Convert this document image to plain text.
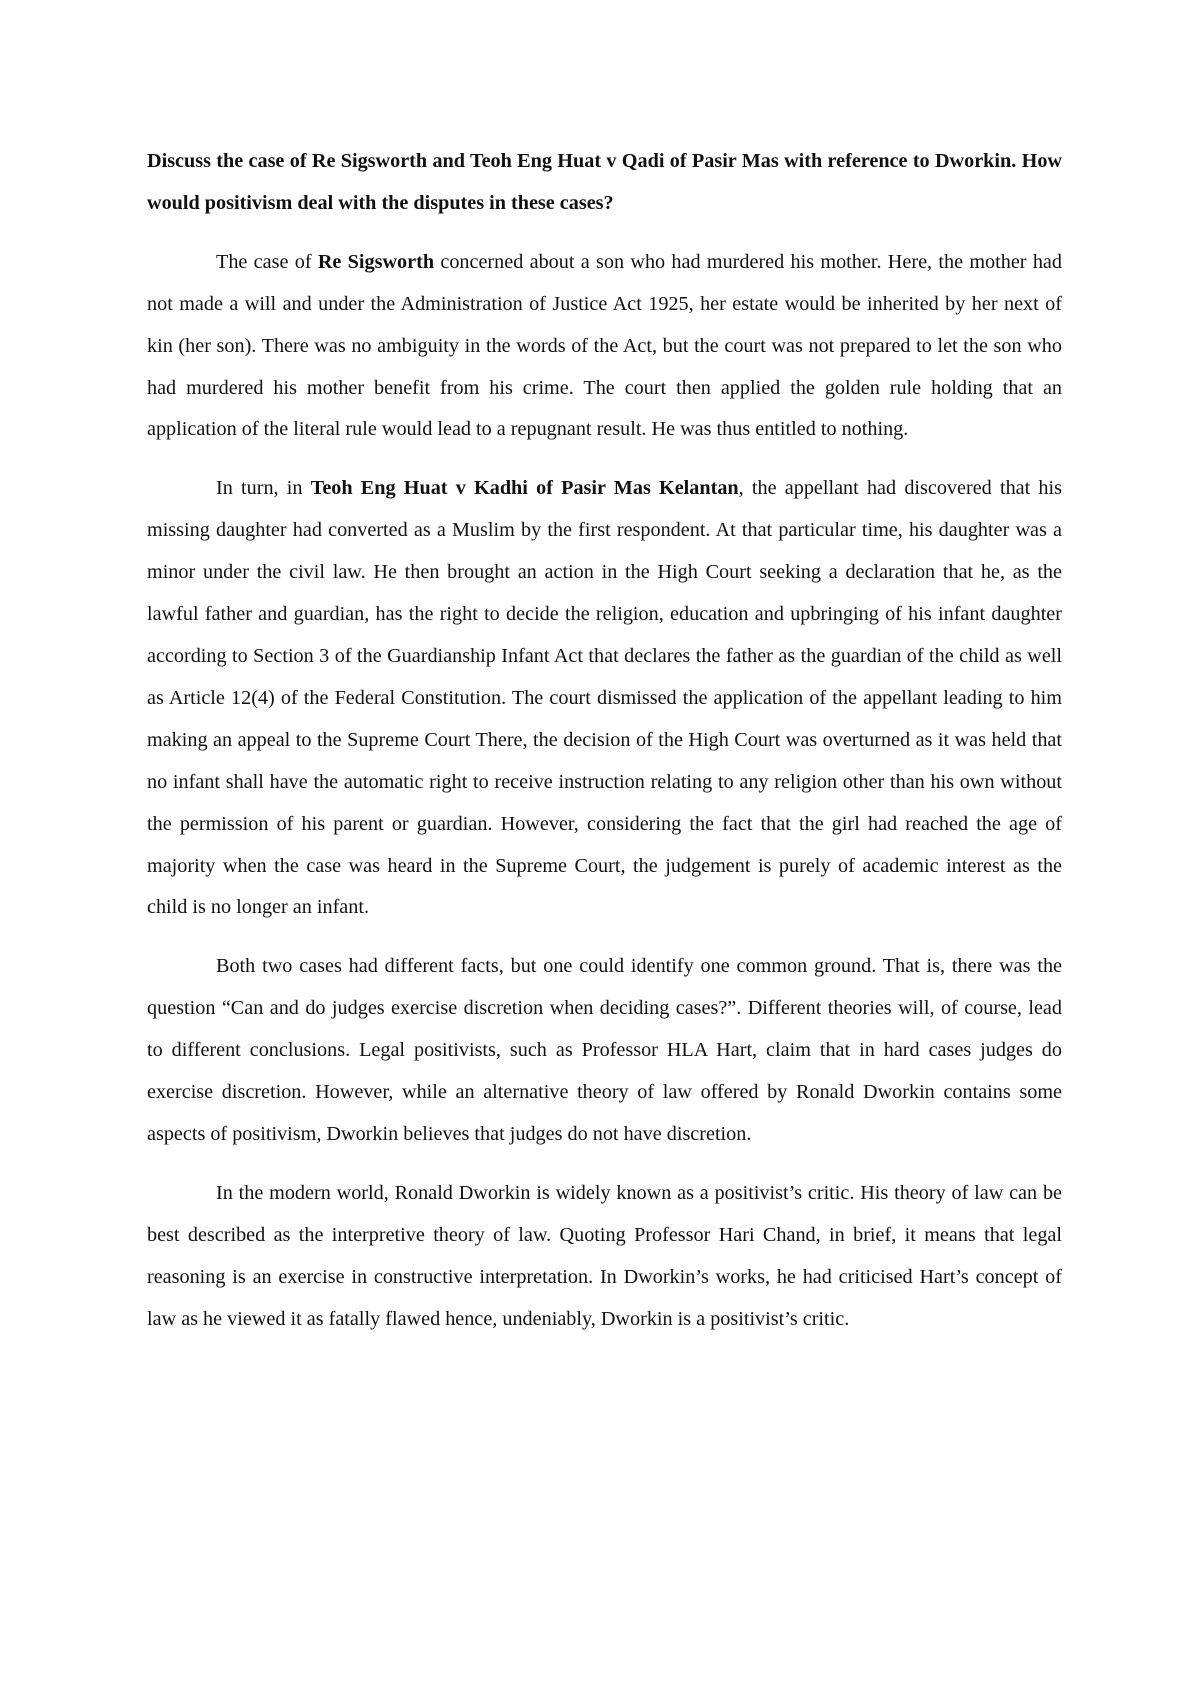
Discuss the case of Re Sigsworth and Teoh Eng Huat v Qadi of Pasir Mas with reference to Dworkin. How would positivism deal with the disputes in these cases?

The case of Re Sigsworth concerned about a son who had murdered his mother. Here, the mother had not made a will and under the Administration of Justice Act 1925, her estate would be inherited by her next of kin (her son). There was no ambiguity in the words of the Act, but the court was not prepared to let the son who had murdered his mother benefit from his crime. The court then applied the golden rule holding that an application of the literal rule would lead to a repugnant result. He was thus entitled to nothing.

In turn, in Teoh Eng Huat v Kadhi of Pasir Mas Kelantan, the appellant had discovered that his missing daughter had converted as a Muslim by the first respondent. At that particular time, his daughter was a minor under the civil law. He then brought an action in the High Court seeking a declaration that he, as the lawful father and guardian, has the right to decide the religion, education and upbringing of his infant daughter according to Section 3 of the Guardianship Infant Act that declares the father as the guardian of the child as well as Article 12(4) of the Federal Constitution. The court dismissed the application of the appellant leading to him making an appeal to the Supreme Court There, the decision of the High Court was overturned as it was held that no infant shall have the automatic right to receive instruction relating to any religion other than his own without the permission of his parent or guardian. However, considering the fact that the girl had reached the age of majority when the case was heard in the Supreme Court, the judgement is purely of academic interest as the child is no longer an infant.

Both two cases had different facts, but one could identify one common ground. That is, there was the question “Can and do judges exercise discretion when deciding cases?”. Different theories will, of course, lead to different conclusions. Legal positivists, such as Professor HLA Hart, claim that in hard cases judges do exercise discretion. However, while an alternative theory of law offered by Ronald Dworkin contains some aspects of positivism, Dworkin believes that judges do not have discretion.

In the modern world, Ronald Dworkin is widely known as a positivist’s critic. His theory of law can be best described as the interpretive theory of law. Quoting Professor Hari Chand, in brief, it means that legal reasoning is an exercise in constructive interpretation. In Dworkin’s works, he had criticised Hart’s concept of law as he viewed it as fatally flawed hence, undeniably, Dworkin is a positivist’s critic.
